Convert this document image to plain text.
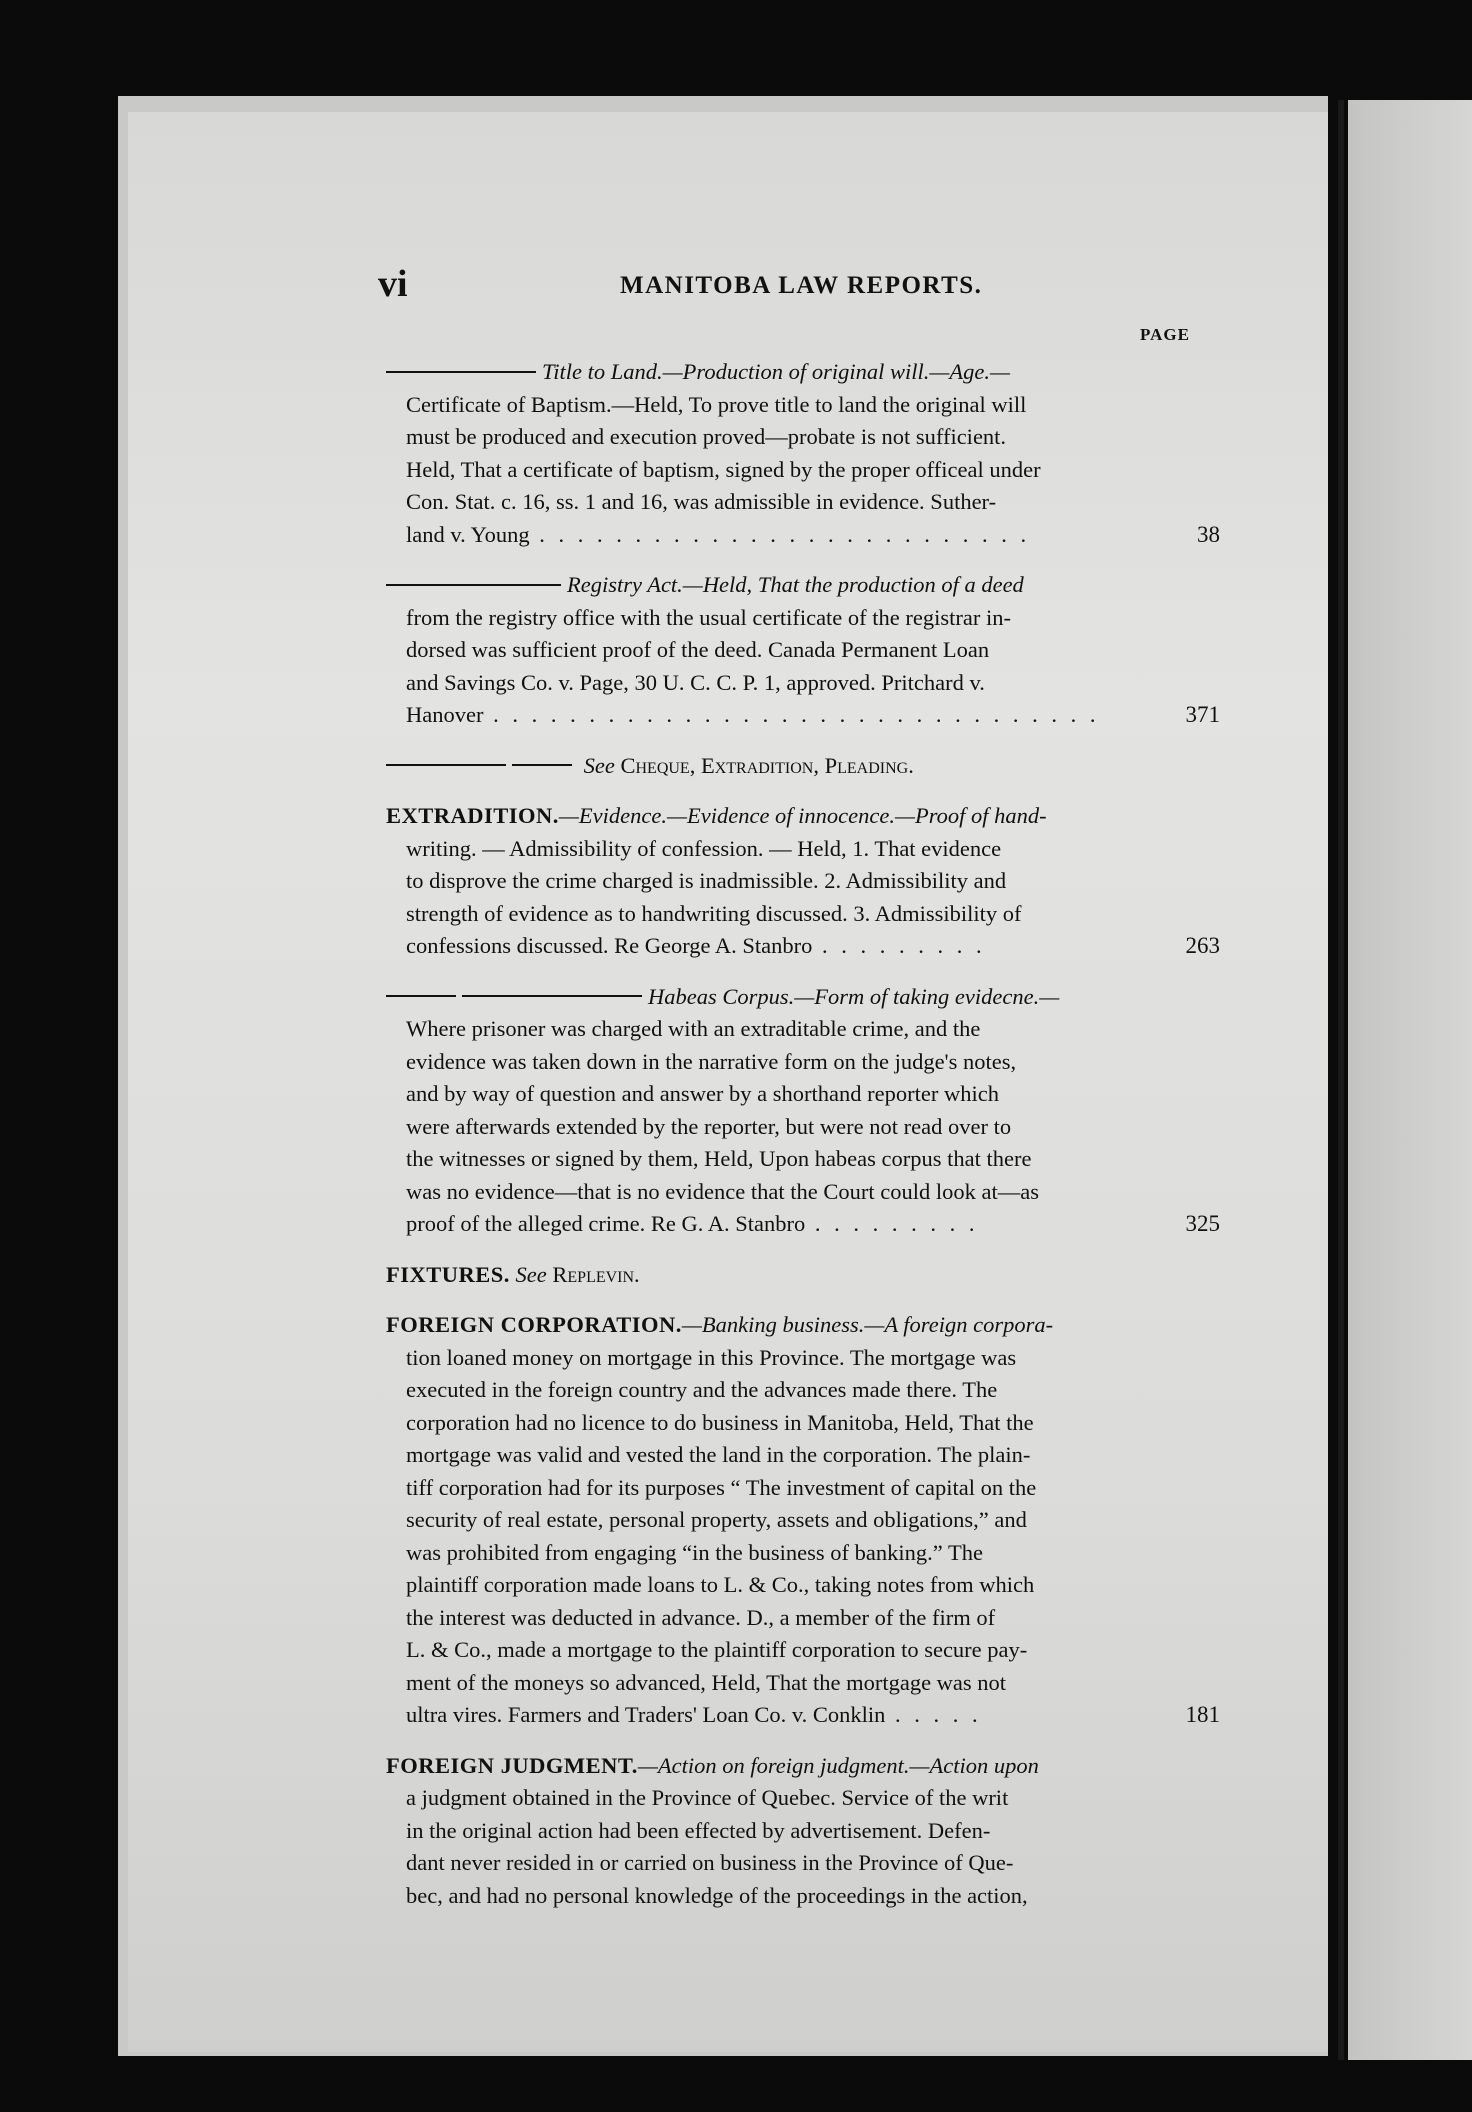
vi	MANITOBA LAW REPORTS.
PAGE
Title to Land.—Production of original will.—Age.—
Certificate of Baptism.—Held, To prove title to land the original will
must be produced and execution proved—probate is not sufficient.
Held, That a certificate of baptism, signed by the proper officeal under
Con. Stat. c. 16, ss. 1 and 16, was admissible in evidence. Suther-
land v. Young . . . . . . . . . . . . . . . . . . . . . . . . . .	38
Registry Act.—Held, That the production of a deed
from the registry office with the usual certificate of the registrar in-
dorsed was sufficient proof of the deed. Canada Permanent Loan
and Savings Co. v. Page, 30 U. C. C. P. 1, approved. Pritchard v.
Hanover . . . . . . . . . . . . . . . . . . . . . . . . . . . . . . . .	371
See Cheque, Extradition, Pleading.
EXTRADITION.—Evidence.—Evidence of innocence.—Proof of hand-
writing. — Admissibility of confession. — Held, 1. That evidence
to disprove the crime charged is inadmissible. 2. Admissibility and
strength of evidence as to handwriting discussed. 3. Admissibility of
confessions discussed. Re George A. Stanbro . . . . . . . . .	263
Habeas Corpus.—Form of taking evidecne.—
Where prisoner was charged with an extraditable crime, and the
evidence was taken down in the narrative form on the judge's notes,
and by way of question and answer by a shorthand reporter which
were afterwards extended by the reporter, but were not read over to
the witnesses or signed by them, Held, Upon habeas corpus that there
was no evidence—that is no evidence that the Court could look at—as
proof of the alleged crime. Re G. A. Stanbro . . . . . . . . .	325
FIXTURES. See Replevin.
FOREIGN CORPORATION.—Banking business.—A foreign corpora-
tion loaned money on mortgage in this Province. The mortgage was
executed in the foreign country and the advances made there. The
corporation had no licence to do business in Manitoba, Held, That the
mortgage was valid and vested the land in the corporation. The plain-
tiff corporation had for its purposes “ The investment of capital on the
security of real estate, personal property, assets and obligations,” and
was prohibited from engaging “in the business of banking.” The
plaintiff corporation made loans to L. & Co., taking notes from which
the interest was deducted in advance. D., a member of the firm of
L. & Co., made a mortgage to the plaintiff corporation to secure pay-
ment of the moneys so advanced, Held, That the mortgage was not
ultra vires. Farmers and Traders' Loan Co. v. Conklin . . . . .	181
FOREIGN JUDGMENT.—Action on foreign judgment.—Action upon
a judgment obtained in the Province of Quebec. Service of the writ
in the original action had been effected by advertisement. Defen-
dant never resided in or carried on business in the Province of Que-
bec, and had no personal knowledge of the proceedings in the action,
